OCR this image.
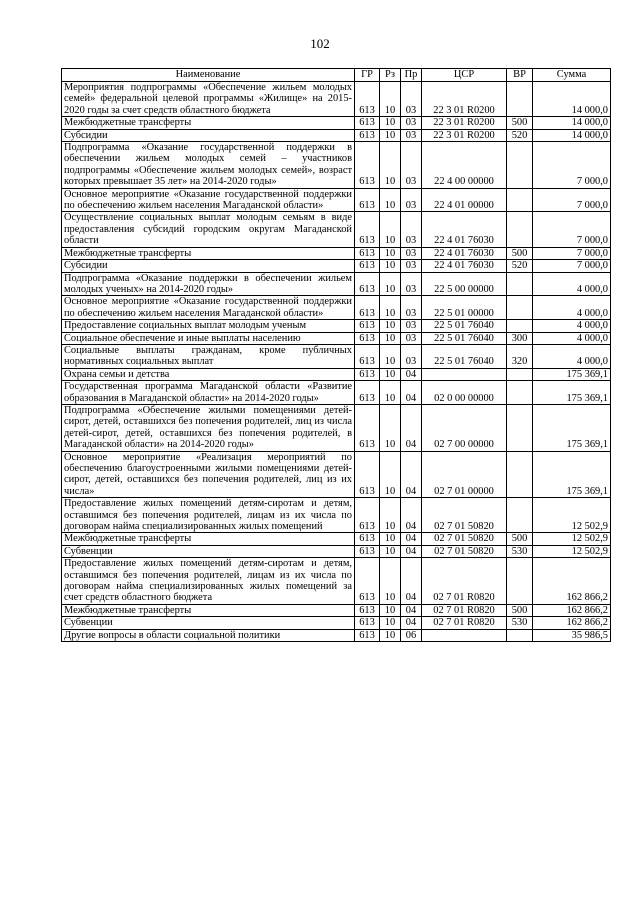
102
Наименование	ГР	Рз	Пр	ЦСР	ВР	Сумма
Мероприятия подпрограммы «Обеспечение жильем молодых семей» федеральной целевой программы «Жилище» на 2015-2020 годы за счет средств областного бюджета	613	10	03	22 3 01 R0200		14 000,0
Межбюджетные трансферты	613	10	03	22 3 01 R0200	500	14 000,0
Субсидии	613	10	03	22 3 01 R0200	520	14 000,0
Подпрограмма «Оказание государственной поддержки в обеспечении жильем молодых семей – участников подпрограммы «Обеспечение жильем молодых семей», возраст которых превышает 35 лет» на 2014-2020 годы»	613	10	03	22 4 00 00000		7 000,0
Основное мероприятие «Оказание государственной поддержки по обеспечению жильем населения Магаданской области»	613	10	03	22 4 01 00000		7 000,0
Осуществление социальных выплат молодым семьям в виде предоставления субсидий городским округам Магаданской области	613	10	03	22 4 01 76030		7 000,0
Межбюджетные трансферты	613	10	03	22 4 01 76030	500	7 000,0
Субсидии	613	10	03	22 4 01 76030	520	7 000,0
Подпрограмма «Оказание поддержки в обеспечении жильем молодых ученых» на 2014-2020 годы»	613	10	03	22 5 00 00000		4 000,0
Основное мероприятие «Оказание государственной поддержки по обеспечению жильем населения Магаданской области»	613	10	03	22 5 01 00000		4 000,0
Предоставление социальных выплат молодым ученым	613	10	03	22 5 01 76040		4 000,0
Социальное обеспечение и иные выплаты населению	613	10	03	22 5 01 76040	300	4 000,0
Социальные выплаты гражданам, кроме публичных нормативных социальных выплат	613	10	03	22 5 01 76040	320	4 000,0
Охрана семьи и детства	613	10	04			175 369,1
Государственная программа Магаданской области «Развитие образования в Магаданской области» на 2014-2020 годы»	613	10	04	02 0 00 00000		175 369,1
Подпрограмма «Обеспечение жилыми помещениями детей-сирот, детей, оставшихся без попечения родителей, лиц из числа детей-сирот, детей, оставшихся без попечения родителей, в Магаданской области» на 2014-2020 годы»	613	10	04	02 7 00 00000		175 369,1
Основное мероприятие «Реализация мероприятий по обеспечению благоустроенными жилыми помещениями детей-сирот, детей, оставшихся без попечения родителей, лиц из их числа»	613	10	04	02 7 01 00000		175 369,1
Предоставление жилых помещений детям-сиротам и детям, оставшимся без попечения родителей, лицам из их числа по договорам найма специализированных жилых помещений	613	10	04	02 7 01 50820		12 502,9
Межбюджетные трансферты	613	10	04	02 7 01 50820	500	12 502,9
Субвенции	613	10	04	02 7 01 50820	530	12 502,9
Предоставление жилых помещений детям-сиротам и детям, оставшимся без попечения родителей, лицам из их числа по договорам найма специализированных жилых помещений за счет средств областного бюджета	613	10	04	02 7 01 R0820		162 866,2
Межбюджетные трансферты	613	10	04	02 7 01 R0820	500	162 866,2
Субвенции	613	10	04	02 7 01 R0820	530	162 866,2
Другие вопросы в области социальной политики	613	10	06			35 986,5
